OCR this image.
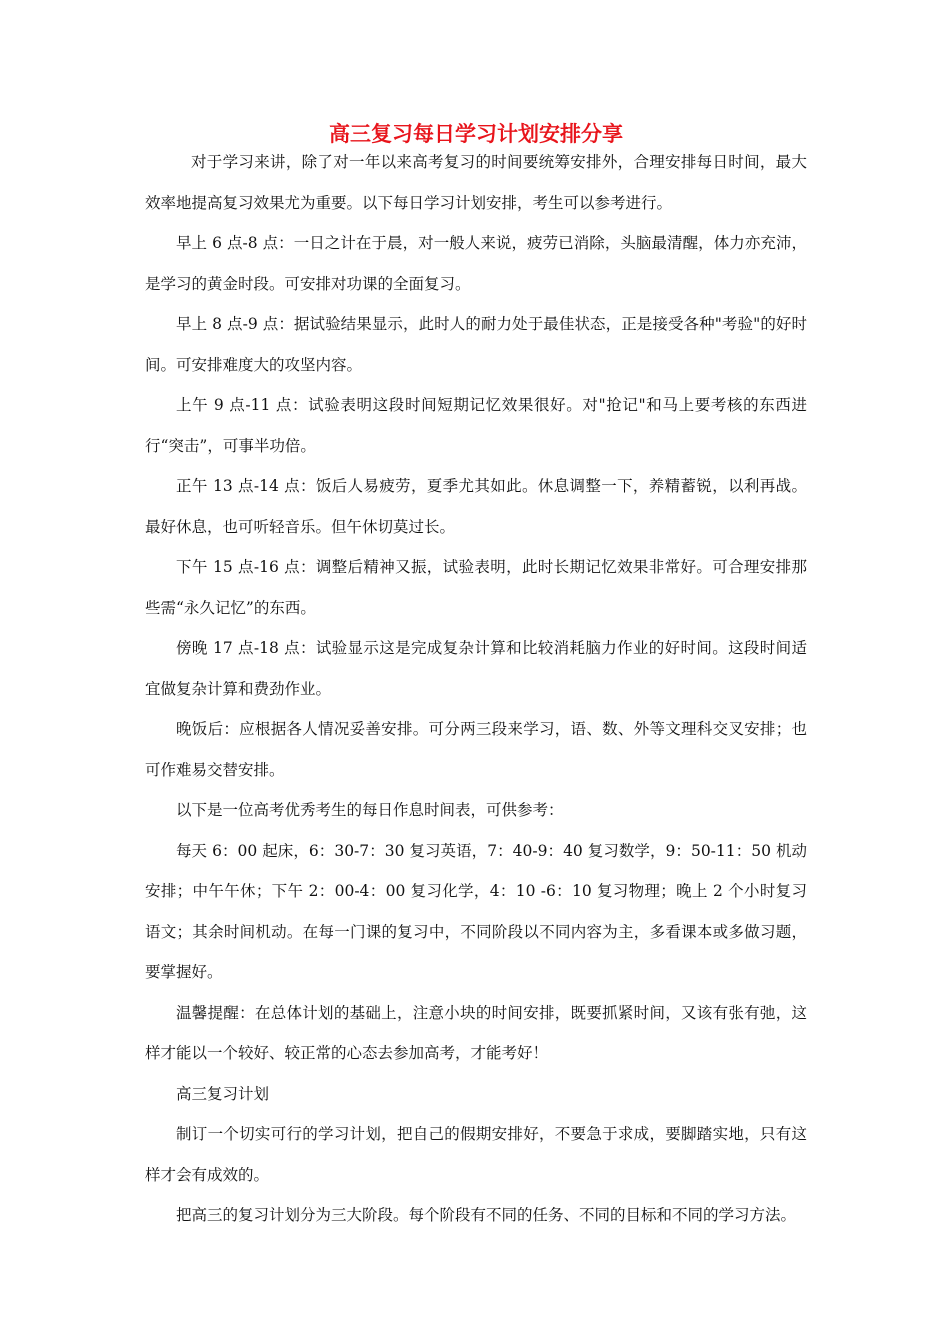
高三复习每日学习计划安排分享

对于学习来讲，除了对一年以来高考复习的时间要统筹安排外，合理安排每日时间，最大效率地提高复习效果尤为重要。以下每日学习计划安排，考生可以参考进行。

早上 6 点-8 点：一日之计在于晨，对一般人来说，疲劳已消除，头脑最清醒，体力亦充沛，是学习的黄金时段。可安排对功课的全面复习。

早上 8 点-9 点：据试验结果显示，此时人的耐力处于最佳状态，正是接受各种"考验"的好时间。可安排难度大的攻坚内容。

上午 9 点-11 点：试验表明这段时间短期记忆效果很好。对"抢记"和马上要考核的东西进行“突击”，可事半功倍。

正午 13 点-14 点：饭后人易疲劳，夏季尤其如此。休息调整一下，养精蓄锐，以利再战。最好休息，也可听轻音乐。但午休切莫过长。

下午 15 点-16 点：调整后精神又振，试验表明，此时长期记忆效果非常好。可合理安排那些需“永久记忆”的东西。

傍晚 17 点-18 点：试验显示这是完成复杂计算和比较消耗脑力作业的好时间。这段时间适宜做复杂计算和费劲作业。

晚饭后：应根据各人情况妥善安排。可分两三段来学习，语、数、外等文理科交叉安排；也可作难易交替安排。

以下是一位高考优秀考生的每日作息时间表，可供参考：

每天 6：00 起床，6：30-7：30 复习英语，7：40-9：40 复习数学，9：50-11：50 机动安排；中午午休；下午 2：00-4：00 复习化学，4：10 -6：10 复习物理；晚上 2 个小时复习语文；其余时间机动。在每一门课的复习中，不同阶段以不同内容为主，多看课本或多做习题，要掌握好。

温馨提醒：在总体计划的基础上，注意小块的时间安排，既要抓紧时间，又该有张有弛，这样才能以一个较好、较正常的心态去参加高考，才能考好！

高三复习计划

制订一个切实可行的学习计划，把自己的假期安排好，不要急于求成，要脚踏实地，只有这样才会有成效的。

把高三的复习计划分为三大阶段。每个阶段有不同的任务、不同的目标和不同的学习方法。
